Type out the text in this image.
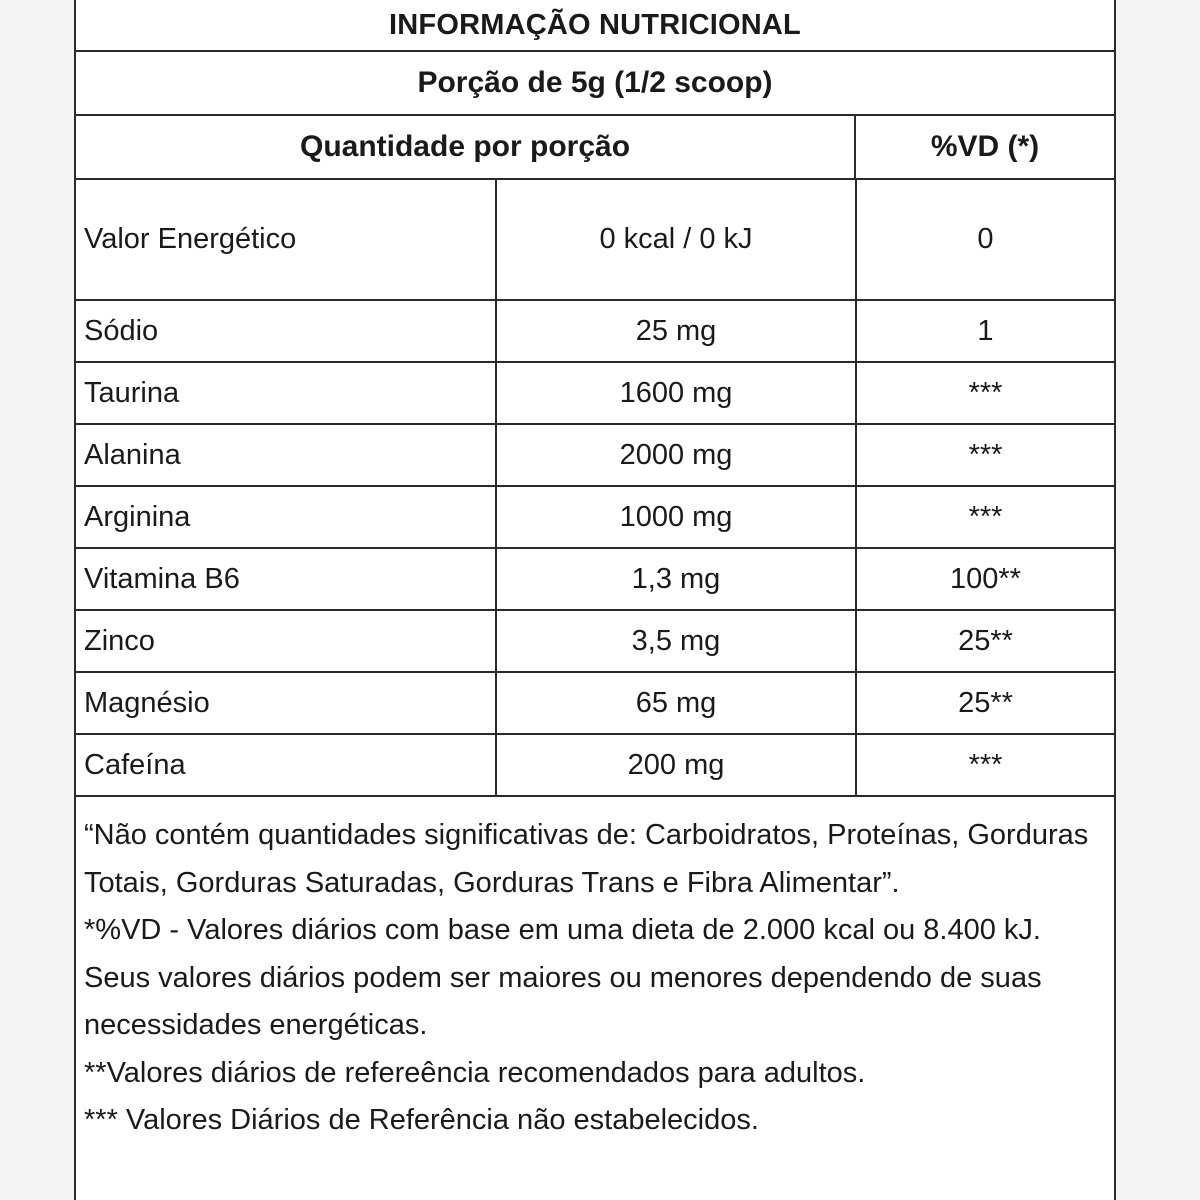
INFORMAÇÃO NUTRICIONAL
Porção de 5g (1/2 scoop)
Quantidade por porção	%VD (*)
Valor Energético	0 kcal / 0 kJ	0
Sódio	25 mg	1
Taurina	1600 mg	***
Alanina	2000 mg	***
Arginina	1000 mg	***
Vitamina B6	1,3 mg	100**
Zinco	3,5 mg	25**
Magnésio	65 mg	25**
Cafeína	200 mg	***

“Não contém quantidades significativas de: Carboidratos, Proteínas, Gorduras Totais, Gorduras Saturadas, Gorduras Trans e Fibra Alimentar”.

*%VD - Valores diários com base em uma dieta de 2.000 kcal ou 8.400 kJ. Seus valores diários podem ser maiores ou menores dependendo de suas necessidades energéticas.

**Valores diários de refereência recomendados para adultos.

*** Valores Diários de Referência não estabelecidos.
